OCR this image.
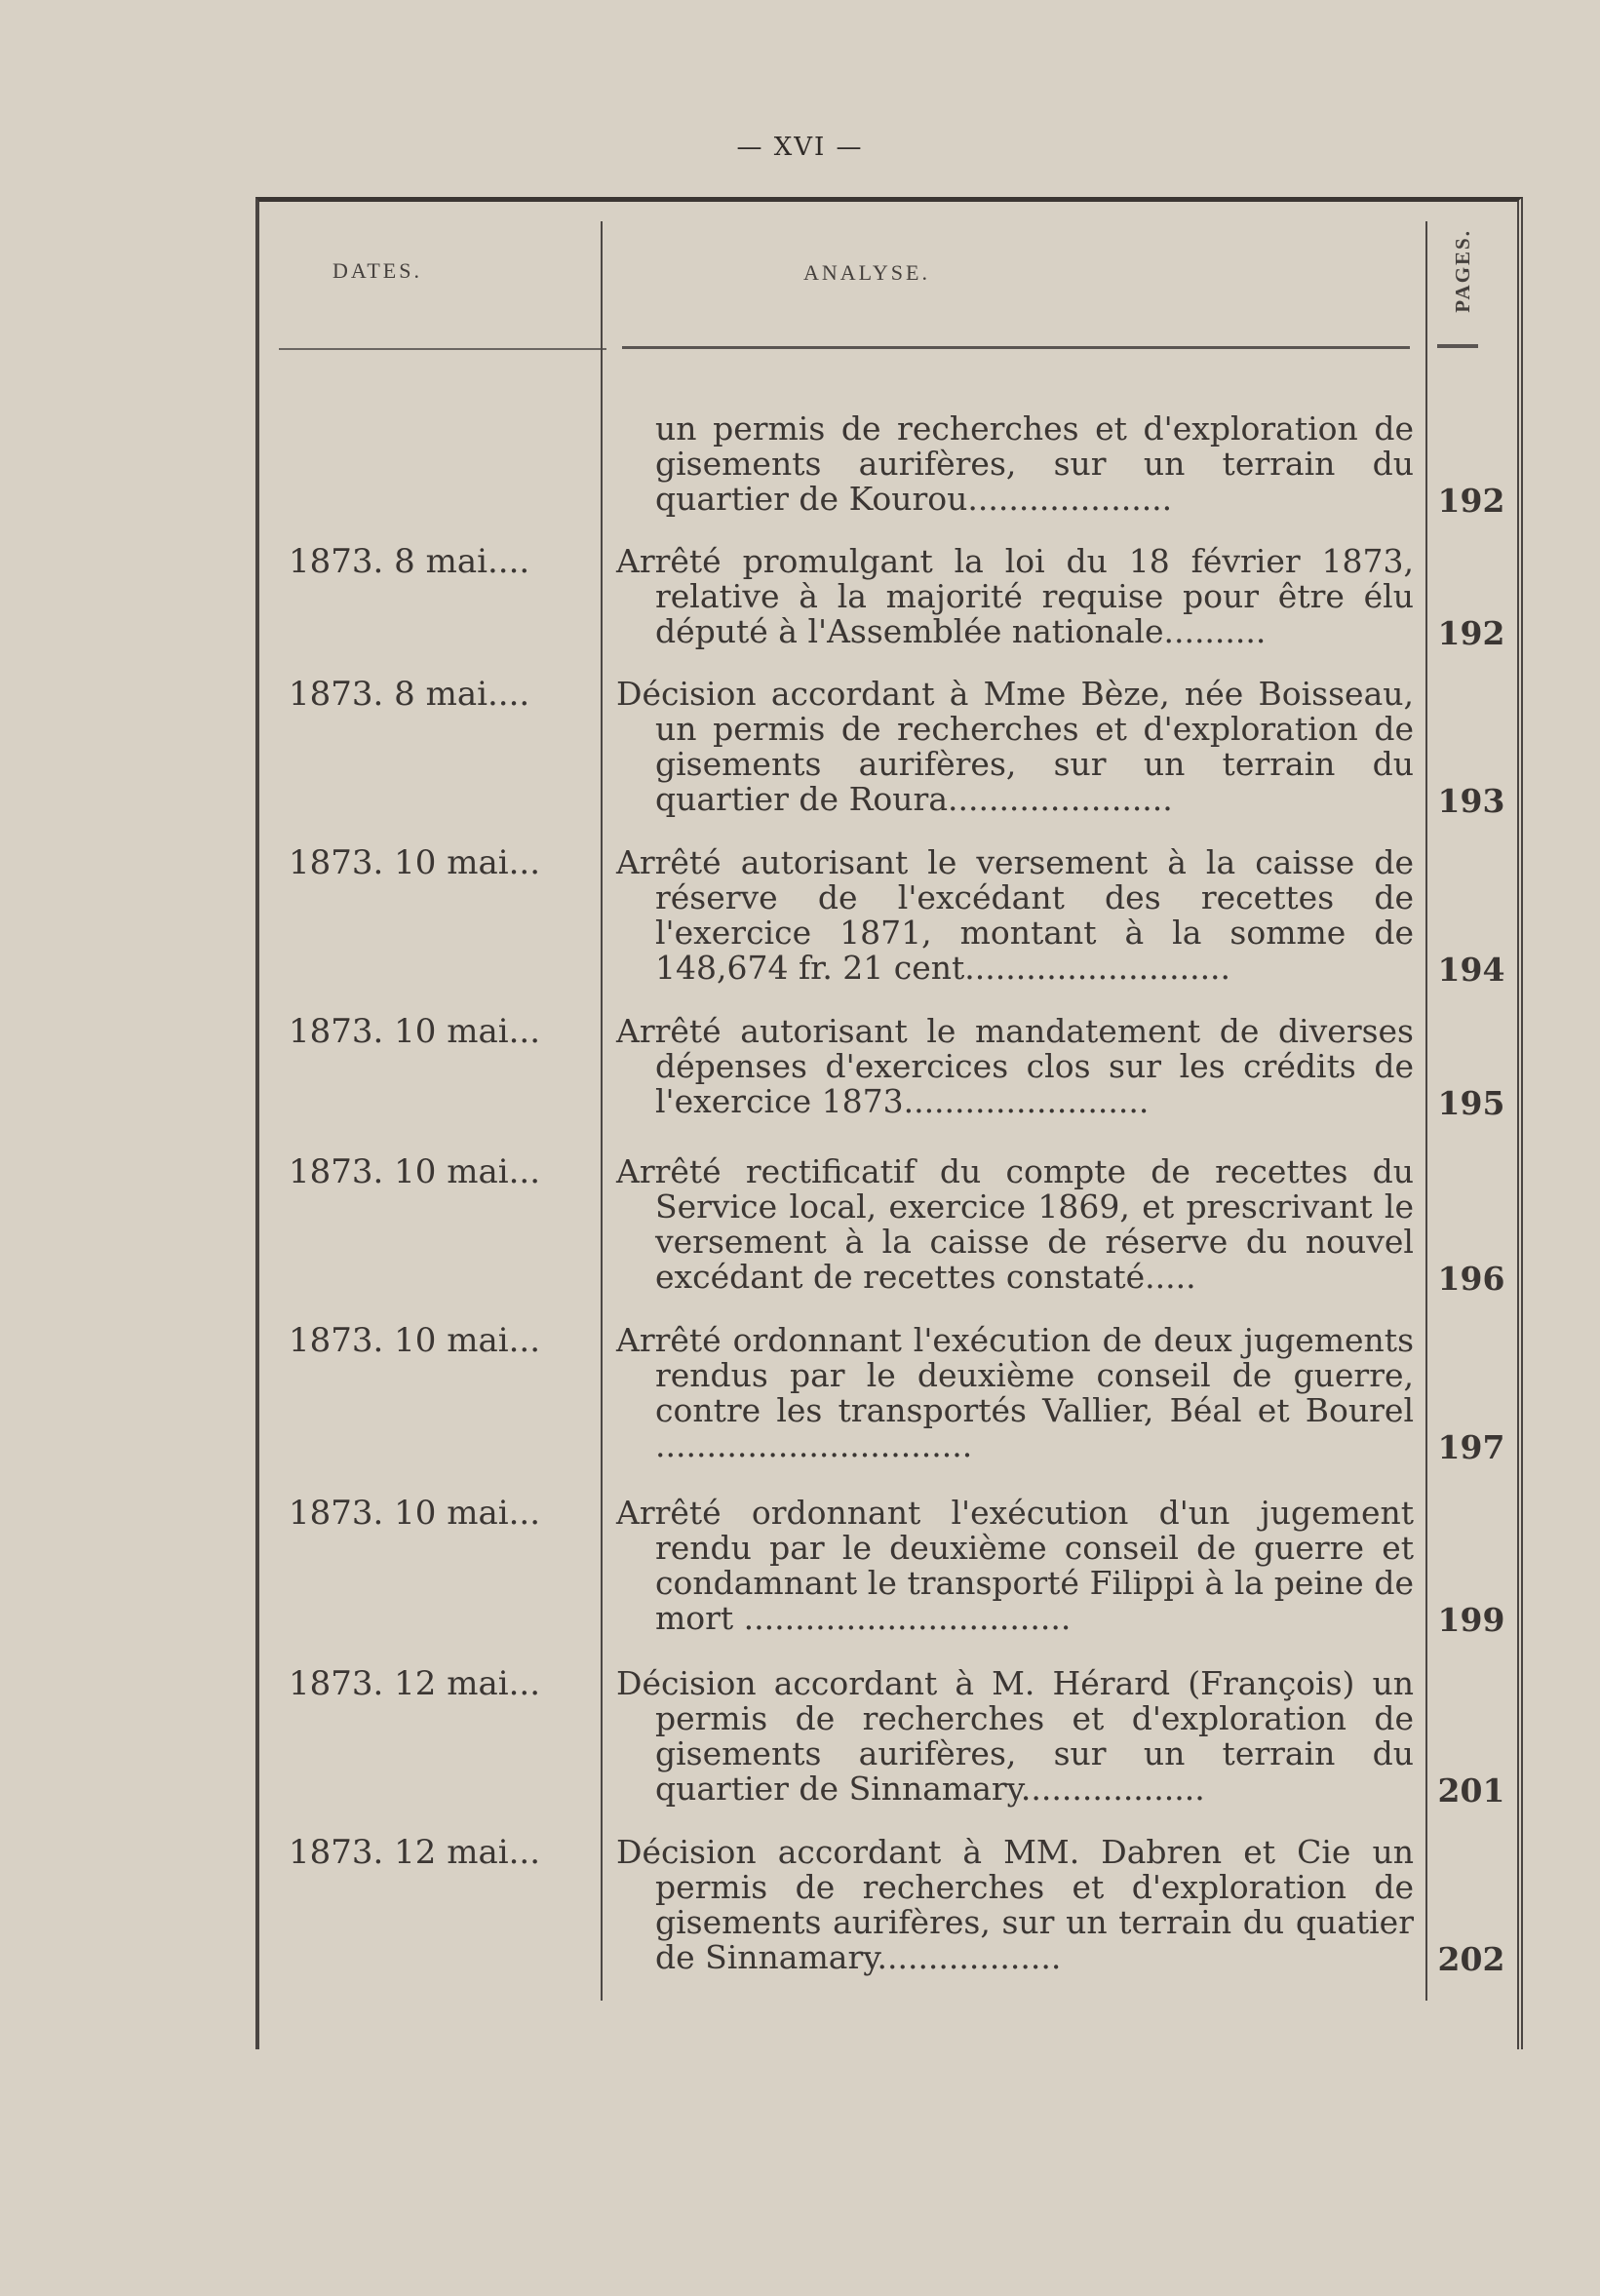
— XVI —
DATES.	ANALYSE.	PAGES.
un permis de recherches et d'exploration de gisements aurifères, sur un terrain du quartier de Kourou....................	192
1873. 8 mai....	Arrêté promulgant la loi du 18 février 1873, relative à la majorité requise pour être élu député à l'Assemblée nationale..........	192
1873. 8 mai....	Décision accordant à Mme Bèze, née Boisseau, un permis de recherches et d'exploration de gisements aurifères, sur un terrain du quartier de Roura......................	193
1873. 10 mai...	Arrêté autorisant le versement à la caisse de réserve de l'excédant des recettes de l'exercice 1871, montant à la somme de 148,674 fr. 21 cent..........................	194
1873. 10 mai...	Arrêté autorisant le mandatement de diverses dépenses d'exercices clos sur les crédits de l'exercice 1873........................	195
1873. 10 mai...	Arrêté rectificatif du compte de recettes du Service local, exercice 1869, et prescrivant le versement à la caisse de réserve du nouvel excédant de recettes constaté.....	196
1873. 10 mai...	Arrêté ordonnant l'exécution de deux jugements rendus par le deuxième conseil de guerre, contre les transportés Vallier, Béal et Bourel ...............................	197
1873. 10 mai...	Arrêté ordonnant l'exécution d'un jugement rendu par le deuxième conseil de guerre et condamnant le transporté Filippi à la peine de mort ................................	199
1873. 12 mai...	Décision accordant à M. Hérard (François) un permis de recherches et d'exploration de gisements aurifères, sur un terrain du quartier de Sinnamary..................	201
1873. 12 mai...	Décision accordant à MM. Dabren et Cie un permis de recherches et d'exploration de gisements aurifères, sur un terrain du quatier de Sinnamary..................	202
